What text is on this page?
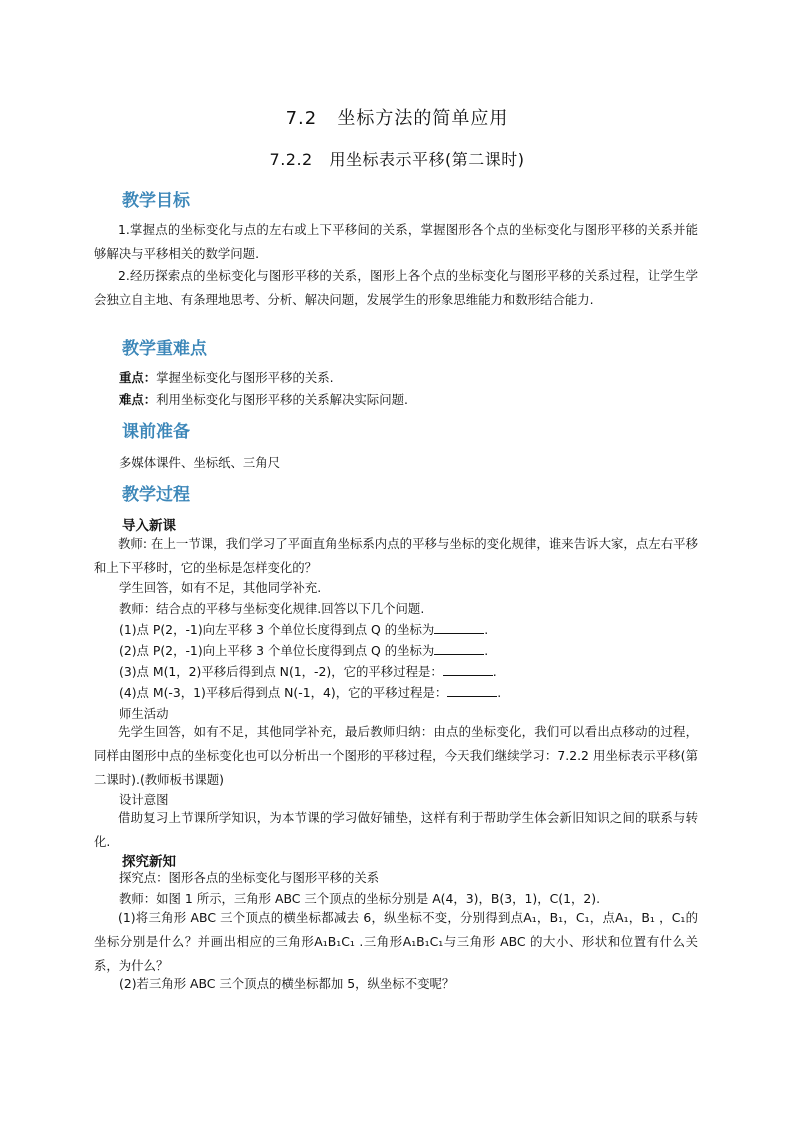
7.2   坐标方法的简单应用
7.2.2   用坐标表示平移(第二课时)
教学目标
1.掌握点的坐标变化与点的左右或上下平移间的关系，掌握图形各个点的坐标变化与图形平移的关系并能够解决与平移相关的数学问题.
2.经历探索点的坐标变化与图形平移的关系，图形上各个点的坐标变化与图形平移的关系过程，让学生学会独立自主地、有条理地思考、分析、解决问题，发展学生的形象思维能力和数形结合能力.
教学重难点
重点：掌握坐标变化与图形平移的关系.
难点：利用坐标变化与图形平移的关系解决实际问题.
课前准备
多媒体课件、坐标纸、三角尺
教学过程
导入新课
教师: 在上一节课，我们学习了平面直角坐标系内点的平移与坐标的变化规律，谁来告诉大家，点左右平移和上下平移时，它的坐标是怎样变化的？
学生回答，如有不足，其他同学补充.
教师：结合点的平移与坐标变化规律.回答以下几个问题.
(1)点 P(2，-1)向左平移 3 个单位长度得到点 Q 的坐标为	.
(2)点 P(2，-1)向上平移 3 个单位长度得到点 Q 的坐标为	.
(3)点 M(1，2)平移后得到点 N(1，-2)，它的平移过程是：	.
(4)点 M(-3，1)平移后得到点 N(-1，4)，它的平移过程是：	.
师生活动
先学生回答，如有不足，其他同学补充，最后教师归纳：由点的坐标变化，我们可以看出点移动的过程，同样由图形中点的坐标变化也可以分析出一个图形的平移过程，今天我们继续学习：7.2.2 用坐标表示平移(第二课时).(教师板书课题)
设计意图
借助复习上节课所学知识，为本节课的学习做好铺垫，这样有利于帮助学生体会新旧知识之间的联系与转化.
探究新知
探究点：图形各点的坐标变化与图形平移的关系
教师：如图 1 所示，三角形 ABC 三个顶点的坐标分别是 A(4，3)，B(3，1)，C(1，2).
(1)将三角形 ABC 三个顶点的横坐标都减去 6，纵坐标不变，分别得到点A₁，B₁，C₁，点A₁，B₁ ，C₁的坐标分别是什么？并画出相应的三角形A₁B₁C₁ .三角形A₁B₁C₁与三角形 ABC 的大小、形状和位置有什么关系，为什么？
(2)若三角形 ABC 三个顶点的横坐标都加 5，纵坐标不变呢？
